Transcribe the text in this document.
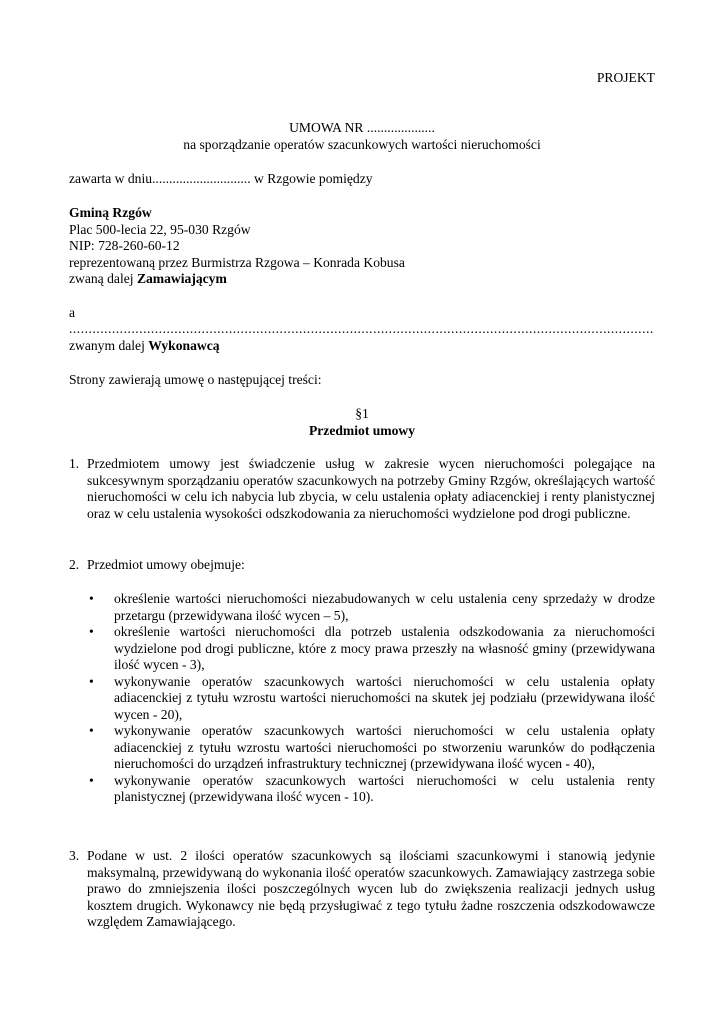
PROJEKT
UMOWA NR ....................
na sporządzanie operatów szacunkowych wartości nieruchomości
zawarta w dniu............................. w Rzgowie pomiędzy
Gminą Rzgów
Plac 500-lecia 22, 95-030 Rzgów
NIP: 728-260-60-12
reprezentowaną przez Burmistrza Rzgowa – Konrada Kobusa
zwaną dalej Zamawiającym
a
......................................................................................................................................................
zwanym dalej Wykonawcą
Strony zawierają umowę o następującej treści:
§1
Przedmiot umowy
1. Przedmiotem umowy jest świadczenie usług w zakresie wycen nieruchomości polegające na sukcesywnym sporządzaniu operatów szacunkowych na potrzeby Gminy Rzgów, określających wartość nieruchomości w celu ich nabycia lub zbycia, w celu ustalenia opłaty adiacenckiej i renty planistycznej oraz w celu ustalenia wysokości odszkodowania za nieruchomości wydzielone pod drogi publiczne.
2. Przedmiot umowy obejmuje:
• określenie wartości nieruchomości niezabudowanych w celu ustalenia ceny sprzedaży w drodze przetargu (przewidywana ilość wycen – 5),
• określenie wartości nieruchomości dla potrzeb ustalenia odszkodowania za nieruchomości wydzielone pod drogi publiczne, które z mocy prawa przeszły na własność gminy (przewidywana ilość wycen - 3),
• wykonywanie operatów szacunkowych wartości nieruchomości w celu ustalenia opłaty adiacenckiej z tytułu wzrostu wartości nieruchomości na skutek jej podziału (przewidywana ilość wycen - 20),
• wykonywanie operatów szacunkowych wartości nieruchomości w celu ustalenia opłaty adiacenckiej z tytułu wzrostu wartości nieruchomości po stworzeniu warunków do podłączenia nieruchomości do urządzeń infrastruktury technicznej (przewidywana ilość wycen - 40),
• wykonywanie operatów szacunkowych wartości nieruchomości w celu ustalenia renty planistycznej (przewidywana ilość wycen - 10).
3. Podane w ust. 2 ilości operatów szacunkowych są ilościami szacunkowymi i stanowią jedynie maksymalną, przewidywaną do wykonania ilość operatów szacunkowych. Zamawiający zastrzega sobie prawo do zmniejszenia ilości poszczególnych wycen lub do zwiększenia realizacji jednych usług kosztem drugich. Wykonawcy nie będą przysługiwać z tego tytułu żadne roszczenia odszkodowawcze względem Zamawiającego.
